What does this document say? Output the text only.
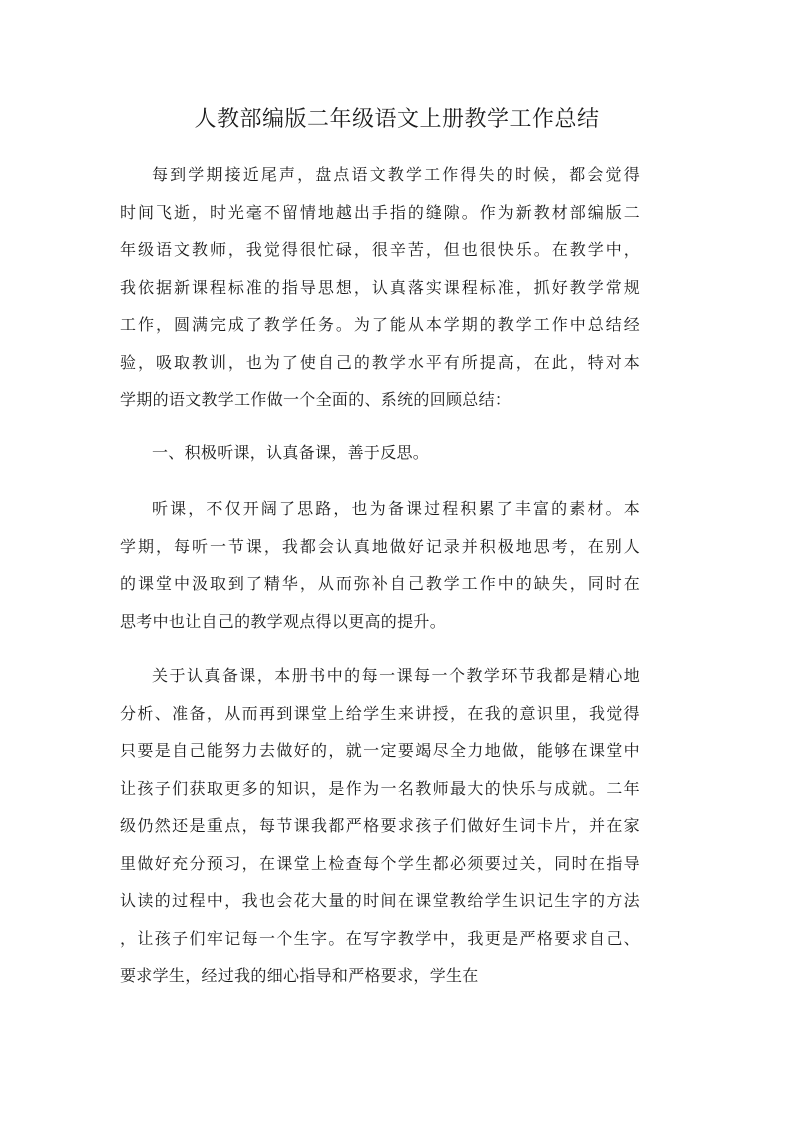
人教部编版二年级语文上册教学工作总结
每到学期接近尾声，盘点语文教学工作得失的时候，都会觉得
时间飞逝，时光毫不留情地越出手指的缝隙。作为新教材部编版二
年级语文教师，我觉得很忙碌，很辛苦，但也很快乐。在教学中，
我依据新课程标准的指导思想，认真落实课程标准，抓好教学常规
工作，圆满完成了教学任务。为了能从本学期的教学工作中总结经
验，吸取教训，也为了使自己的教学水平有所提高，在此，特对本
学期的语文教学工作做一个全面的、系统的回顾总结：
一、积极听课，认真备课，善于反思。
听课，不仅开阔了思路，也为备课过程积累了丰富的素材。本
学期，每听一节课，我都会认真地做好记录并积极地思考，在别人
的课堂中汲取到了精华，从而弥补自己教学工作中的缺失，同时在
思考中也让自己的教学观点得以更高的提升。
关于认真备课，本册书中的每一课每一个教学环节我都是精心地
分析、准备，从而再到课堂上给学生来讲授，在我的意识里，我觉得
只要是自己能努力去做好的，就一定要竭尽全力地做，能够在课堂中
让孩子们获取更多的知识，是作为一名教师最大的快乐与成就。二年
级仍然还是重点，每节课我都严格要求孩子们做好生词卡片，并在家
里做好充分预习，在课堂上检查每个学生都必须要过关，同时在指导
认读的过程中，我也会花大量的时间在课堂教给学生识记生字的方法
，让孩子们牢记每一个生字。在写字教学中，我更是严格要求自己、
要求学生，经过我的细心指导和严格要求，学生在
